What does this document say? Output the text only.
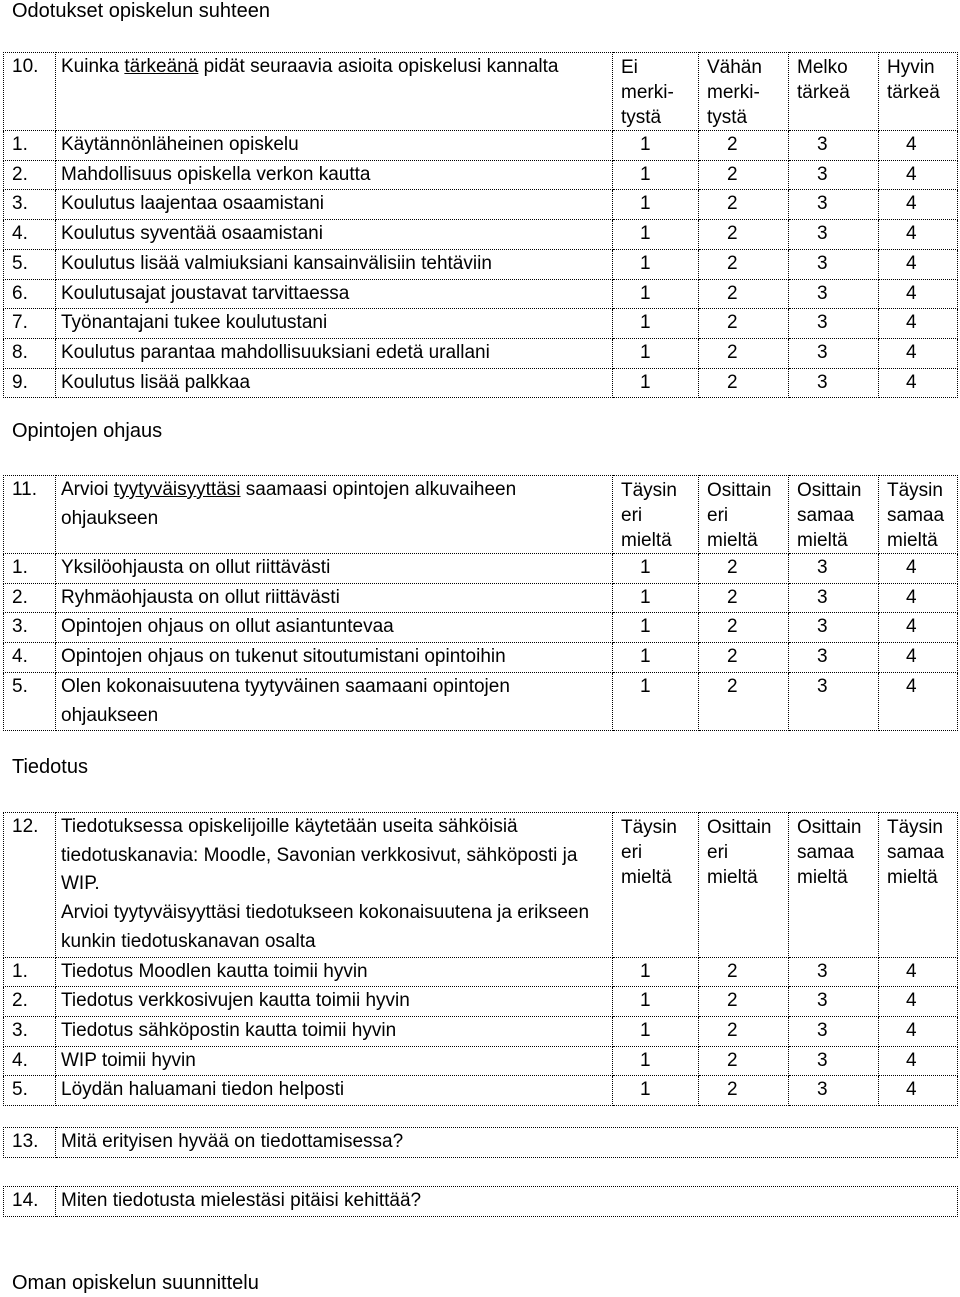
Odotukset opiskelun suhteen
10.	Kuinka tärkeänä pidät seuraavia asioita opiskelusi kannalta	Ei merki-tystä	Vähän merki-tystä	Melko tärkeä	Hyvin tärkeä
1.	Käytännönläheinen opiskelu	1	2	3	4
2.	Mahdollisuus opiskella verkon kautta	1	2	3	4
3.	Koulutus laajentaa osaamistani	1	2	3	4
4.	Koulutus syventää osaamistani	1	2	3	4
5.	Koulutus lisää valmiuksiani kansainvälisiin tehtäviin	1	2	3	4
6.	Koulutusajat joustavat tarvittaessa	1	2	3	4
7.	Työnantajani tukee koulutustani	1	2	3	4
8.	Koulutus parantaa mahdollisuuksiani edetä urallani	1	2	3	4
9.	Koulutus lisää palkkaa	1	2	3	4
Opintojen ohjaus
11.	Arvioi tyytyväisyyttäsi saamaasi opintojen alkuvaiheen ohjaukseen	Täysin eri mieltä	Osittain eri mieltä	Osittain samaa mieltä	Täysin samaa mieltä
1.	Yksilöohjausta on ollut riittävästi	1	2	3	4
2.	Ryhmäohjausta on ollut riittävästi	1	2	3	4
3.	Opintojen ohjaus on ollut asiantuntevaa	1	2	3	4
4.	Opintojen ohjaus on tukenut sitoutumistani opintoihin	1	2	3	4
5.	Olen kokonaisuutena tyytyväinen saamaani opintojen ohjaukseen	1	2	3	4
Tiedotus
12.	Tiedotuksessa opiskelijoille käytetään useita sähköisiä tiedotuskanavia: Moodle, Savonian verkkosivut, sähköposti ja WIP.
Arvioi tyytyväisyyttäsi tiedotukseen kokonaisuutena ja erikseen kunkin tiedotuskanavan osalta	Täysin eri mieltä	Osittain eri mieltä	Osittain samaa mieltä	Täysin samaa mieltä
1.	Tiedotus Moodlen kautta toimii hyvin	1	2	3	4
2.	Tiedotus verkkosivujen kautta toimii hyvin	1	2	3	4
3.	Tiedotus sähköpostin kautta toimii hyvin	1	2	3	4
4.	WIP toimii hyvin	1	2	3	4
5.	Löydän haluamani tiedon helposti	1	2	3	4
13.	Mitä erityisen hyvää on tiedottamisessa?
14.	Miten tiedotusta mielestäsi pitäisi kehittää?
Oman opiskelun suunnittelu
